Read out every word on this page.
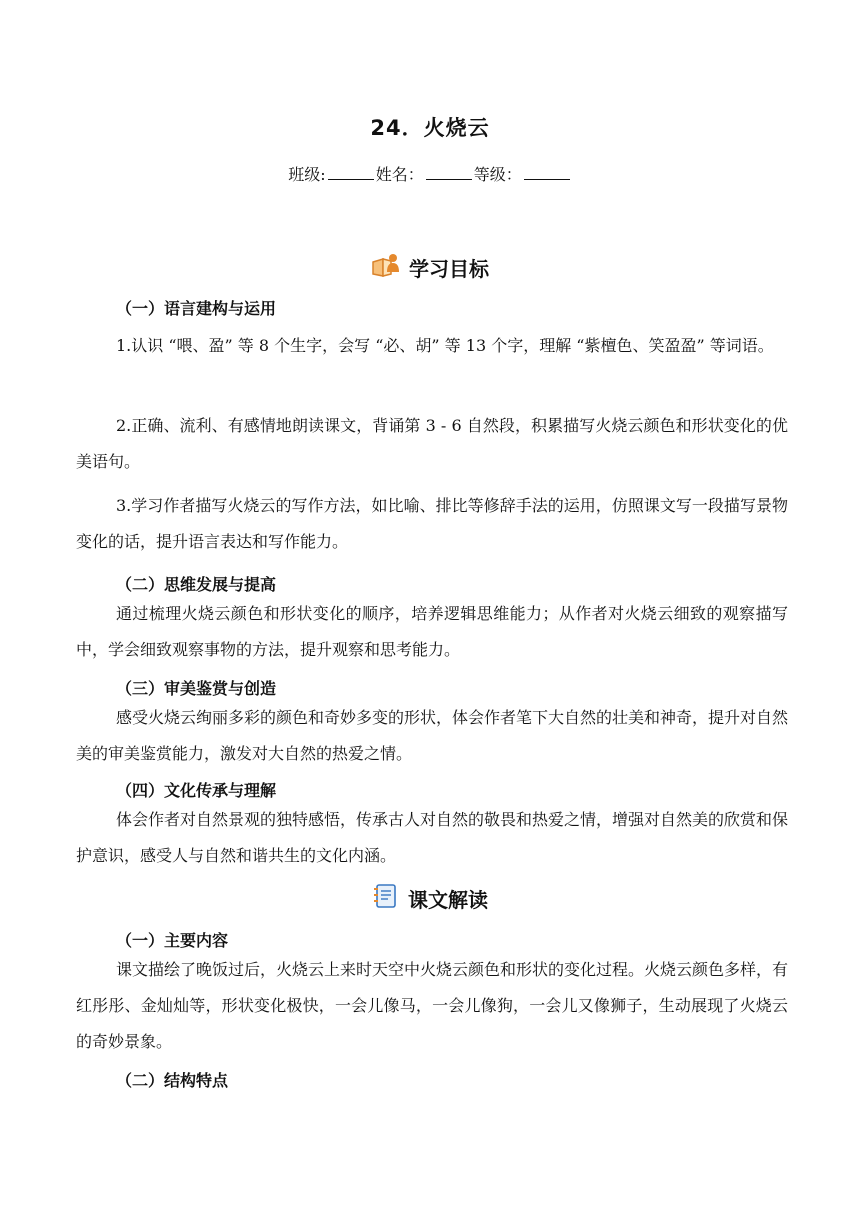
24．火烧云
班级:	姓名：	等级：
学习目标
（一）语言建构与运用
1.认识 “喂、盈” 等 8 个生字，会写 “必、胡” 等 13 个字，理解 “紫檀色、笑盈盈” 等词语。
2.正确、流利、有感情地朗读课文，背诵第 3 - 6 自然段，积累描写火烧云颜色和形状变化的优美语句。
3.学习作者描写火烧云的写作方法，如比喻、排比等修辞手法的运用，仿照课文写一段描写景物变化的话，提升语言表达和写作能力。
（二）思维发展与提高
通过梳理火烧云颜色和形状变化的顺序，培养逻辑思维能力；从作者对火烧云细致的观察描写中，学会细致观察事物的方法，提升观察和思考能力。
（三）审美鉴赏与创造
感受火烧云绚丽多彩的颜色和奇妙多变的形状，体会作者笔下大自然的壮美和神奇，提升对自然美的审美鉴赏能力，激发对大自然的热爱之情。
（四）文化传承与理解
体会作者对自然景观的独特感悟，传承古人对自然的敬畏和热爱之情，增强对自然美的欣赏和保护意识，感受人与自然和谐共生的文化内涵。
课文解读
（一）主要内容
课文描绘了晚饭过后，火烧云上来时天空中火烧云颜色和形状的变化过程。火烧云颜色多样，有红彤彤、金灿灿等，形状变化极快，一会儿像马，一会儿像狗，一会儿又像狮子，生动展现了火烧云的奇妙景象。
（二）结构特点
